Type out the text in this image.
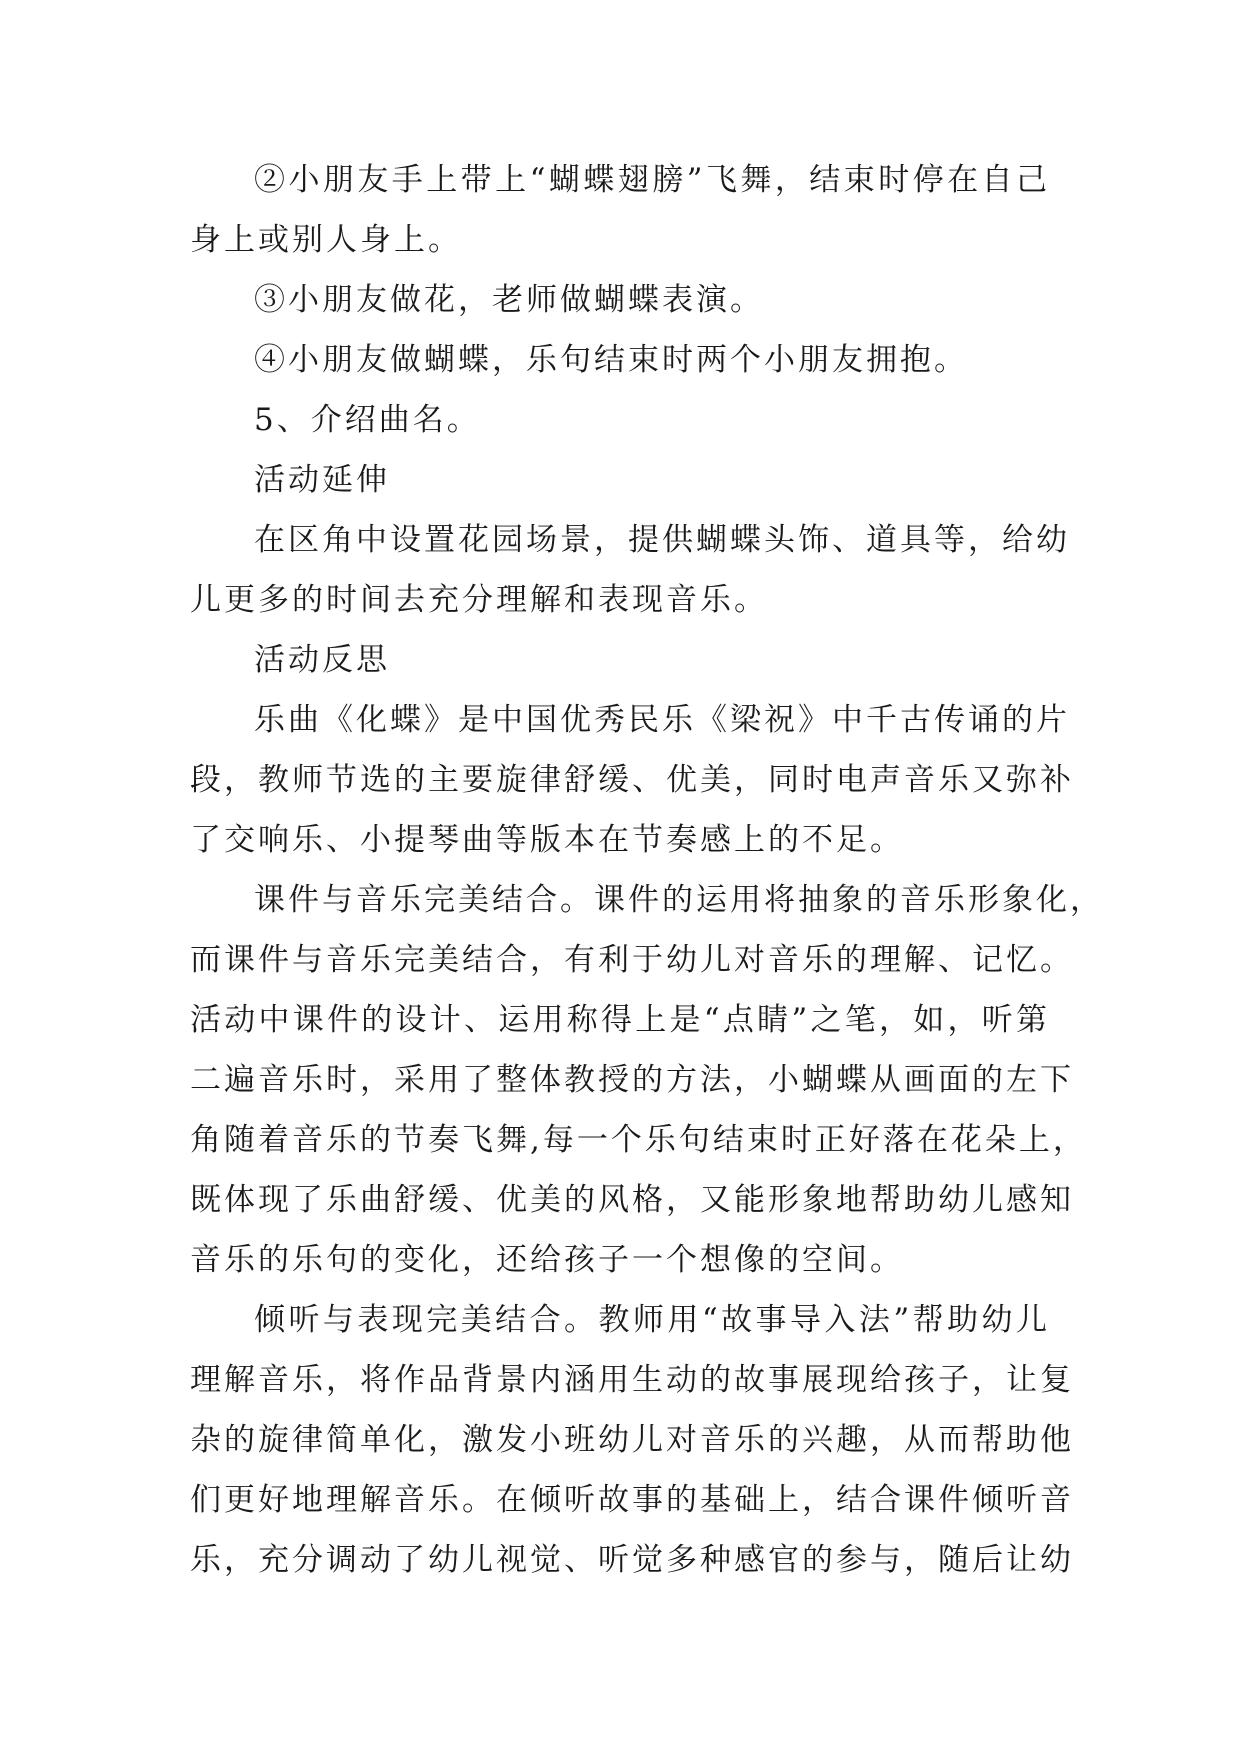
②小朋友手上带上“蝴蝶翅膀”飞舞，结束时停在自己
身上或别人身上。
③小朋友做花，老师做蝴蝶表演。
④小朋友做蝴蝶，乐句结束时两个小朋友拥抱。
5、介绍曲名。
活动延伸
在区角中设置花园场景，提供蝴蝶头饰、道具等，给幼
儿更多的时间去充分理解和表现音乐。
活动反思
乐曲《化蝶》是中国优秀民乐《梁祝》中千古传诵的片
段，教师节选的主要旋律舒缓、优美，同时电声音乐又弥补
了交响乐、小提琴曲等版本在节奏感上的不足。
课件与音乐完美结合。课件的运用将抽象的音乐形象化，
而课件与音乐完美结合，有利于幼儿对音乐的理解、记忆。
活动中课件的设计、运用称得上是“点睛”之笔，如，听第
二遍音乐时，采用了整体教授的方法，小蝴蝶从画面的左下
角随着音乐的节奏飞舞,每一个乐句结束时正好落在花朵上，
既体现了乐曲舒缓、优美的风格，又能形象地帮助幼儿感知
音乐的乐句的变化，还给孩子一个想像的空间。
倾听与表现完美结合。教师用“故事导入法”帮助幼儿
理解音乐，将作品背景内涵用生动的故事展现给孩子，让复
杂的旋律简单化，激发小班幼儿对音乐的兴趣，从而帮助他
们更好地理解音乐。在倾听故事的基础上，结合课件倾听音
乐，充分调动了幼儿视觉、听觉多种感官的参与，随后让幼
